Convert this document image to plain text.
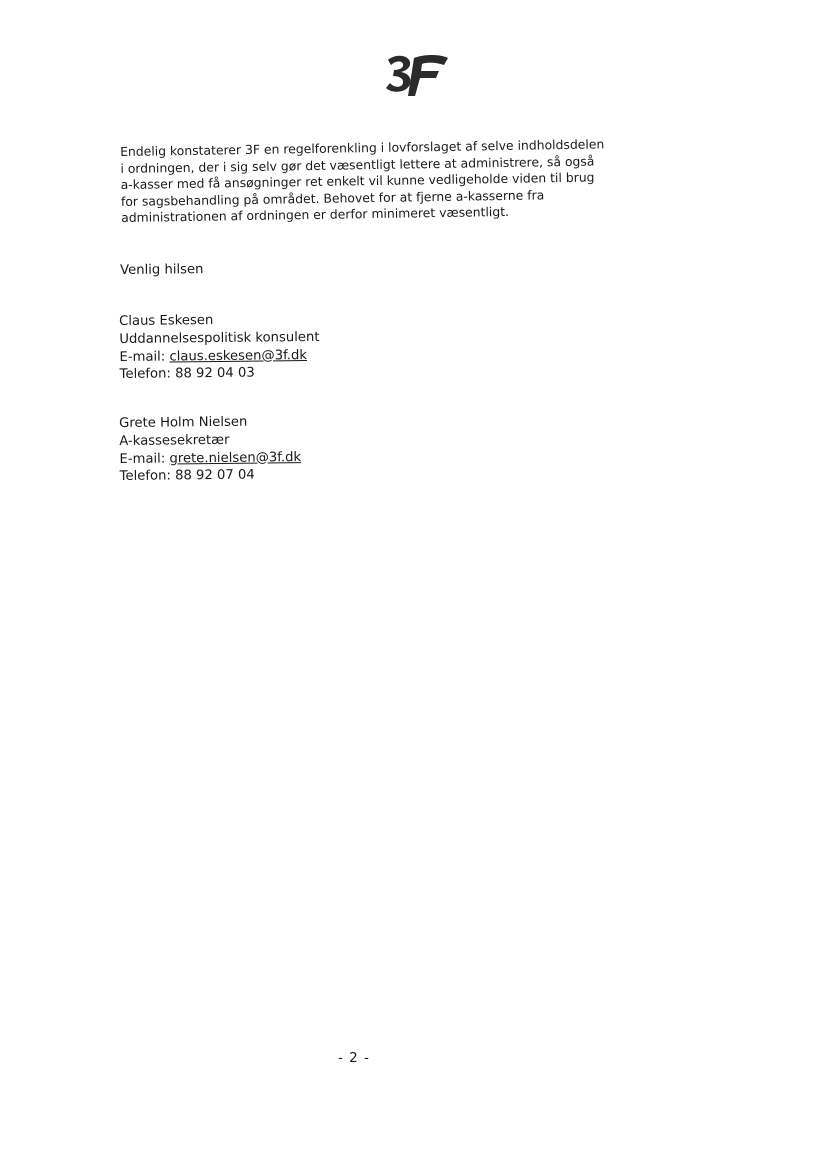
Endelig konstaterer 3F en regelforenkling i lovforslaget af selve indholdsdelen
i ordningen, der i sig selv gør det væsentligt lettere at administrere, så også
a-kasser med få ansøgninger ret enkelt vil kunne vedligeholde viden til brug
for sagsbehandling på området. Behovet for at fjerne a-kasserne fra
administrationen af ordningen er derfor minimeret væsentligt.
Venlig hilsen
Claus Eskesen
Uddannelsespolitisk konsulent
E-mail: claus.eskesen@3f.dk
Telefon: 88 92 04 03
Grete Holm Nielsen
A-kassesekretær
E-mail: grete.nielsen@3f.dk
Telefon: 88 92 07 04
- 2 -
